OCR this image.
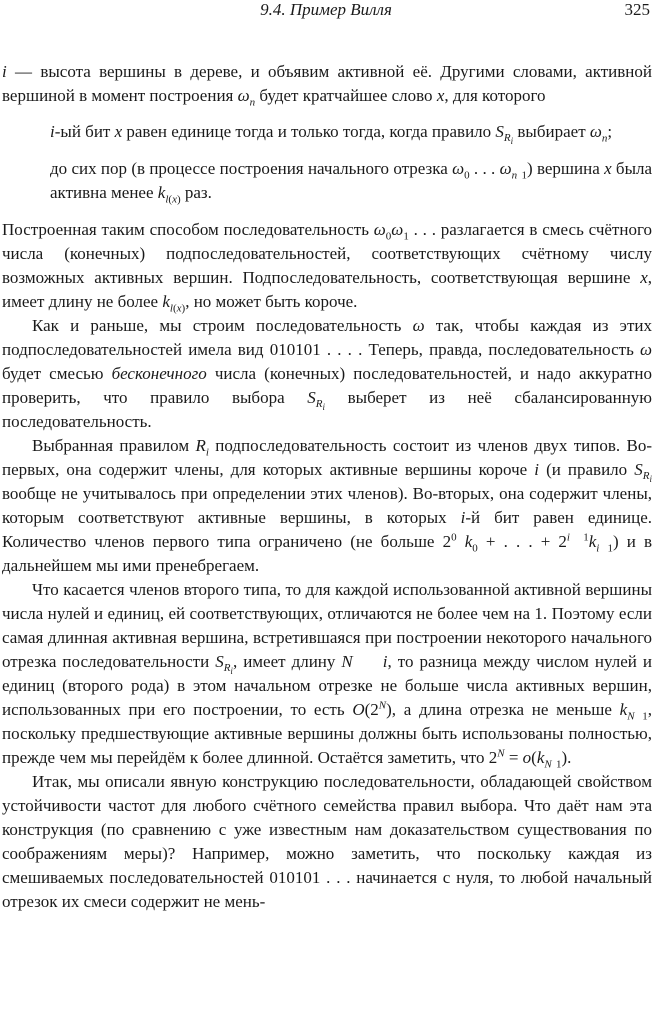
9.4. Пример Вилля	325

i — высота вершины в дереве, и объявим активной её. Другими словами, активной вершиной в момент построения $\omega_n$ будет кратчайшее слово x, для которого

i-ый бит x равен единице тогда и только тогда, когда правило $S_{R_i}$ выбирает $\omega_n$;

до сих пор (в процессе построения начального отрезка $\omega_0$ . . . $\omega_n$ $_1$) вершина x была активна менее $k_{l(x)}$ раз.

Построенная таким способом последовательность $\omega_0\omega_1$ . . . разлагается в смесь счётного числа (конечных) подпоследовательностей, соответствующих счётному числу возможных активных вершин. Подпоследовательность, соответствующая вершине x, имеет длину не более $k_{l(x)}$, но может быть короче.

Как и раньше, мы строим последовательность ω так, чтобы каждая из этих подпоследовательностей имела вид 010101 . . . . Теперь, правда, последовательность ω будет смесью бесконечного числа (конечных) последовательностей, и надо аккуратно проверить, что правило выбора $S_{R_i}$ выберет из неё сбалансированную последовательность.

Выбранная правилом $R_i$ подпоследовательность состоит из членов двух типов. Во-первых, она содержит члены, для которых активные вершины короче i (и правило $S_{R_i}$ вообще не учитывалось при определении этих членов). Во-вторых, она содержит члены, которым соответствуют активные вершины, в которых i-й бит равен единице. Количество членов первого типа ограничено (не больше $2^0$ $k_0$ + . . . + $2^{i 1}k_i$ $_1$) и в дальнейшем мы ими пренебрегаем.

Что касается членов второго типа, то для каждой использованной активной вершины числа нулей и единиц, ей соответствующих, отличаются не более чем на 1. Поэтому если самая длинная активная вершина, встретившаяся при построении некоторого начального отрезка последовательности $S_{R_i}$, имеет длину N i, то разница между числом нулей и единиц (второго рода) в этом начальном отрезке не больше числа активных вершин, использованных при его построении, то есть $O(2^N)$, а длина отрезка не меньше $k_N$ $_1$, поскольку предшествующие активные вершины должны быть использованы полностью, прежде чем мы перейдём к более длинной. Остаётся заметить, что $2^N = o(k_N$ $_1$).

Итак, мы описали явную конструкцию последовательности, обладающей свойством устойчивости частот для любого счётного семейства правил выбора. Что даёт нам эта конструкция (по сравнению с уже известным нам доказательством существования по соображениям меры)? Например, можно заметить, что поскольку каждая из смешиваемых последовательностей 010101 . . . начинается с нуля, то любой начальный отрезок их смеси содержит не мень-
